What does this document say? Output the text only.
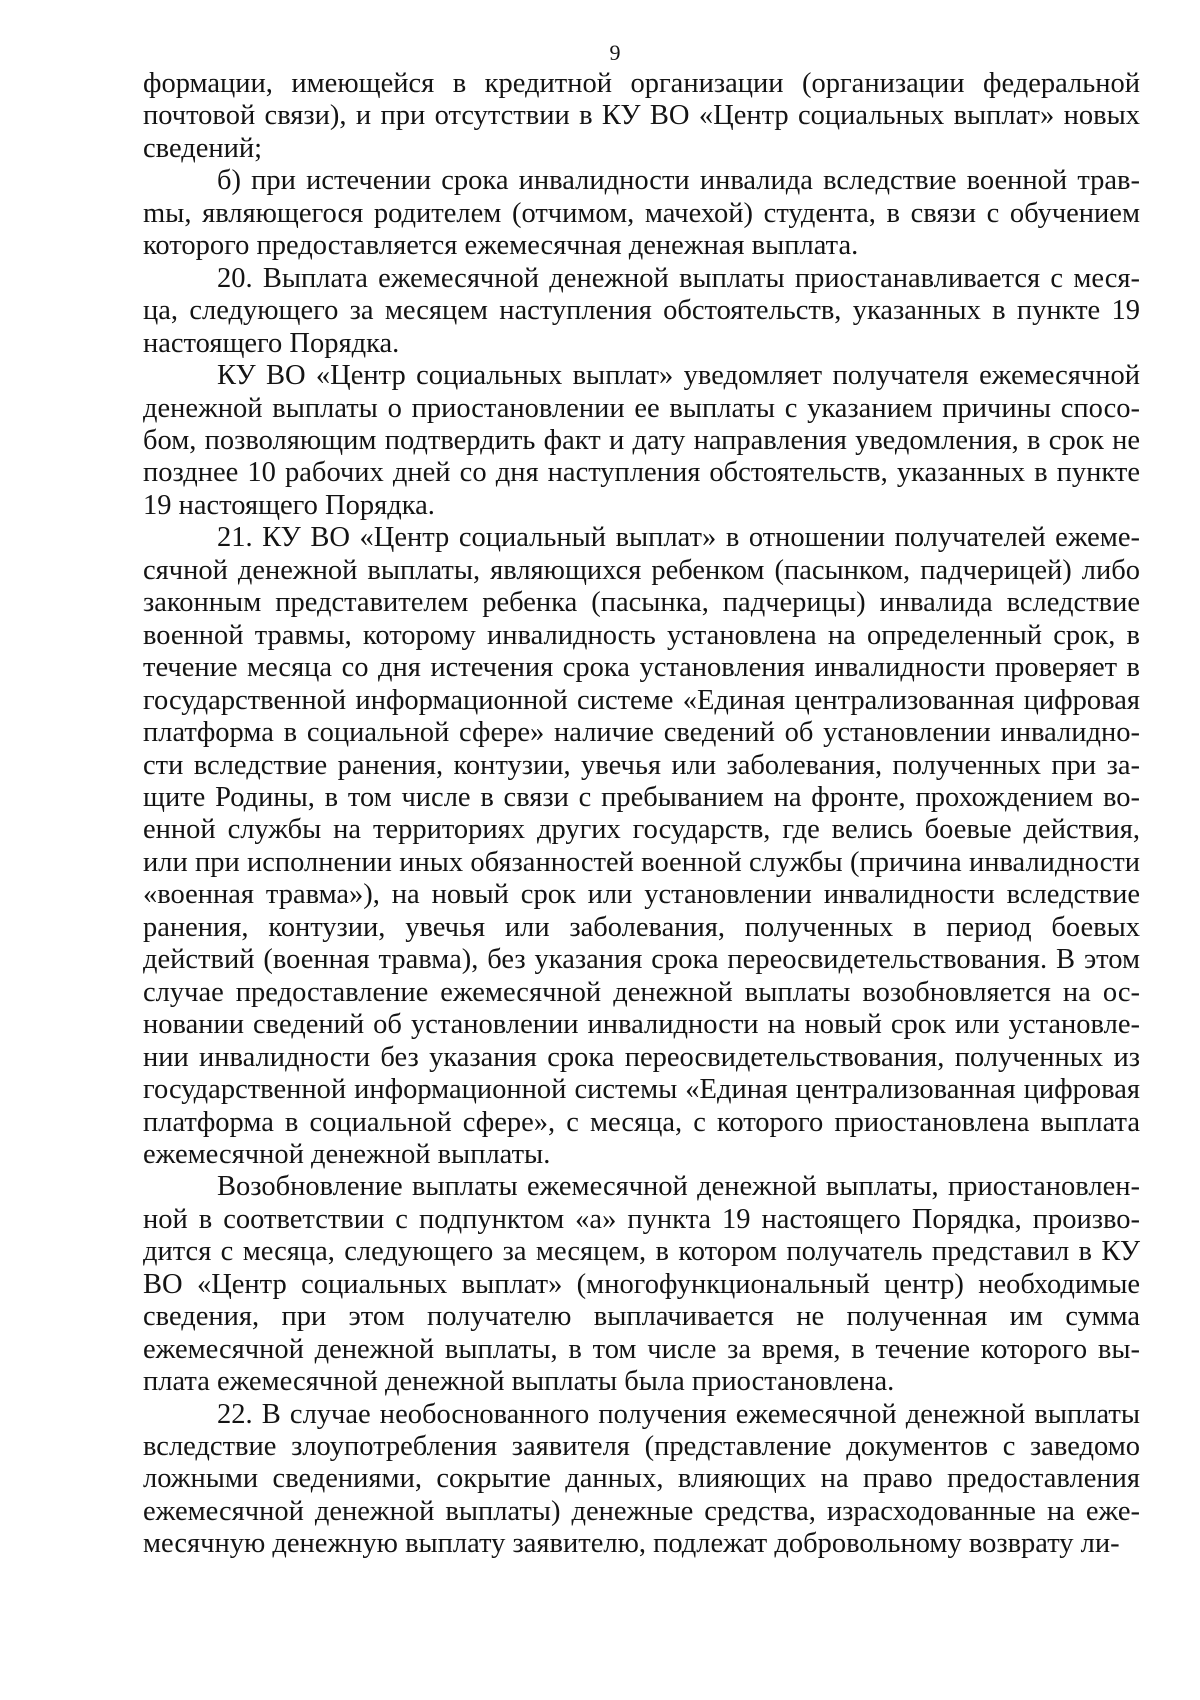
9

формации, имеющейся в кредитной организации (организации федеральной почтовой связи), и при отсутствии в КУ ВО «Центр социальных выплат» новых сведений;

б) при истечении срока инвалидности инвалида вследствие военной травmы, являющегося родителем (отчимом, мачехой) студента, в связи с обучением которого предоставляется ежемесячная денежная выплата.

20. Выплата ежемесячной денежной выплаты приостанавливается с месяца, следующего за месяцем наступления обстоятельств, указанных в пункте 19 настоящего Порядка.

КУ ВО «Центр социальных выплат» уведомляет получателя ежемесячной денежной выплаты о приостановлении ее выплаты с указанием причины способом, позволяющим подтвердить факт и дату направления уведомления, в срок не позднее 10 рабочих дней со дня наступления обстоятельств, указанных в пункте 19 настоящего Порядка.

21. КУ ВО «Центр социальный выплат» в отношении получателей ежемесячной денежной выплаты, являющихся ребенком (пасынком, падчерицей) либо законным представителем ребенка (пасынка, падчерицы) инвалида вследствие военной травмы, которому инвалидность установлена на определенный срок, в течение месяца со дня истечения срока установления инвалидности проверяет в государственной информационной системе «Единая централизованная цифровая платформа в социальной сфере» наличие сведений об установлении инвалидности вследствие ранения, контузии, увечья или заболевания, полученных при защите Родины, в том числе в связи с пребыванием на фронте, прохождением военной службы на территориях других государств, где велись боевые действия, или при исполнении иных обязанностей военной службы (причина инвалидности «военная травма»), на новый срок или установлении инвалидности вследствие ранения, контузии, увечья или заболевания, полученных в период боевых действий (военная травма), без указания срока переосвидетельствования. В этом случае предоставление ежемесячной денежной выплаты возобновляется на основании сведений об установлении инвалидности на новый срок или установлении инвалидности без указания срока переосвидетельствования, полученных из государственной информационной системы «Единая централизованная цифровая платформа в социальной сфере», с месяца, с которого приостановлена выплата ежемесячной денежной выплаты.

Возобновление выплаты ежемесячной денежной выплаты, приостановленной в соответствии с подпунктом «а» пункта 19 настоящего Порядка, производится с месяца, следующего за месяцем, в котором получатель представил в КУ ВО «Центр социальных выплат» (многофункциональный центр) необходимые сведения, при этом получателю выплачивается не полученная им сумма ежемесячной денежной выплаты, в том числе за время, в течение которого выплата ежемесячной денежной выплаты была приостановлена.

22. В случае необоснованного получения ежемесячной денежной выплаты вследствие злоупотребления заявителя (представление документов с заведомо ложными сведениями, сокрытие данных, влияющих на право предоставления ежемесячной денежной выплаты) денежные средства, израсходованные на ежемесячную денежную выплату заявителю, подлежат добровольному возврату ли-
